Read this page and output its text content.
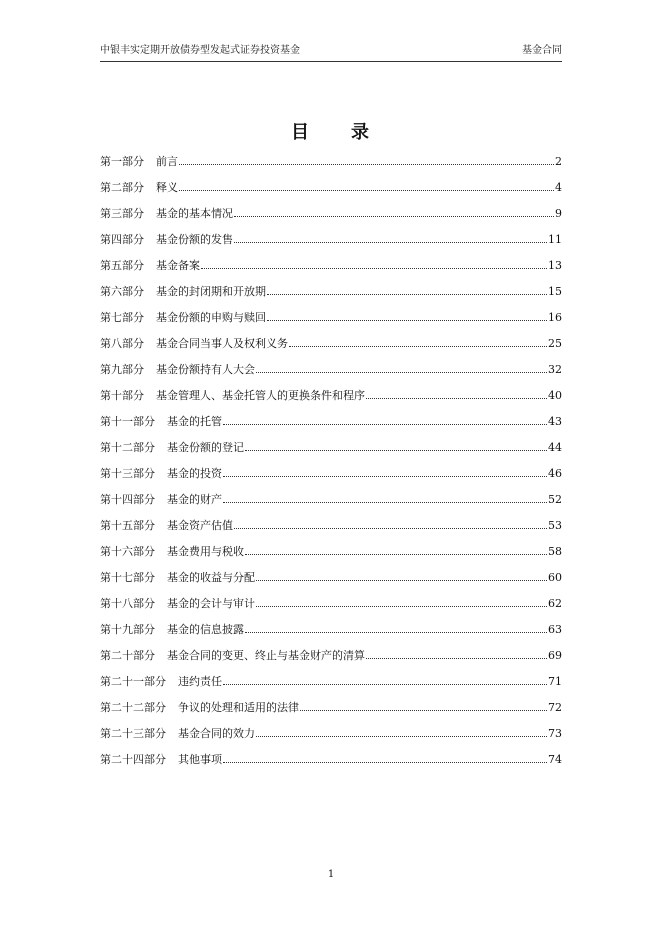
中银丰实定期开放债券型发起式证券投资基金	基金合同
目　　录
第一部分 前言	2
第二部分 释义	4
第三部分 基金的基本情况	9
第四部分 基金份额的发售	11
第五部分 基金备案	13
第六部分 基金的封闭期和开放期	15
第七部分 基金份额的申购与赎回	16
第八部分 基金合同当事人及权利义务	25
第九部分 基金份额持有人大会	32
第十部分 基金管理人、基金托管人的更换条件和程序	40
第十一部分 基金的托管	43
第十二部分 基金份额的登记	44
第十三部分 基金的投资	46
第十四部分 基金的财产	52
第十五部分 基金资产估值	53
第十六部分 基金费用与税收	58
第十七部分 基金的收益与分配	60
第十八部分 基金的会计与审计	62
第十九部分 基金的信息披露	63
第二十部分 基金合同的变更、终止与基金财产的清算	69
第二十一部分 违约责任	71
第二十二部分 争议的处理和适用的法律	72
第二十三部分 基金合同的效力	73
第二十四部分 其他事项	74
1
